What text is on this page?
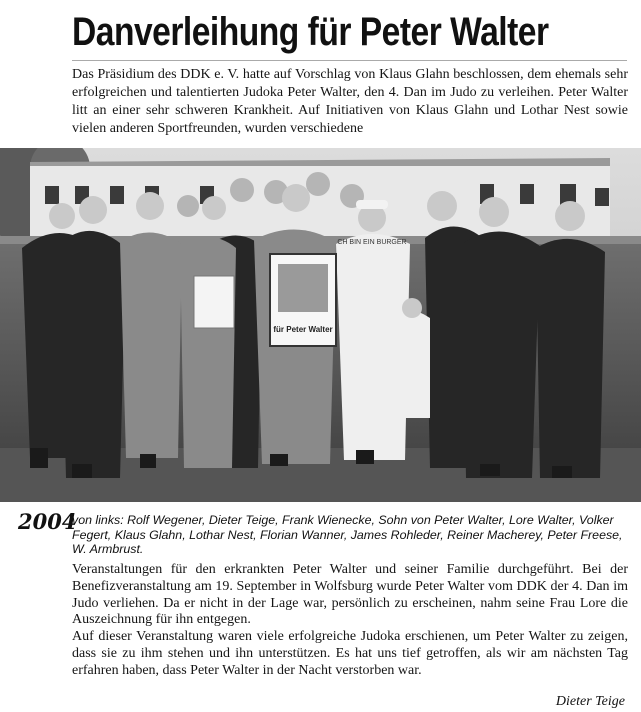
Danverleihung für Peter Walter
Das Präsidium des DDK e. V. hatte auf Vorschlag von Klaus Glahn beschlossen, dem ehemals sehr erfolgreichen und talentierten Judoka Peter Walter, den 4. Dan im Judo zu verleihen. Peter Walter litt an einer sehr schweren Krankheit. Auf Initiativen von Klaus Glahn und Lothar Nest sowie vielen anderen Sportfreunden, wurden verschiedene
für Peter Walter
CH BIN EIN BURGER
2004
von links: Rolf Wegener, Dieter Teige, Frank Wienecke, Sohn von Peter Walter, Lore Walter, Volker Fegert, Klaus Glahn, Lothar Nest, Florian Wanner, James Rohleder, Reiner Macherey, Peter Freese, W. Armbrust.

Veranstaltungen für den erkrankten Peter Walter und seiner Familie durchgeführt. Bei der Benefizveranstaltung am 19. September in Wolfsburg wurde Peter Walter vom DDK der 4. Dan im Judo verliehen. Da er nicht in der Lage war, persönlich zu erscheinen, nahm seine Frau Lore die Auszeichnung für ihn entgegen.

Auf dieser Veranstaltung waren viele erfolgreiche Judoka erschienen, um Peter Walter zu zeigen, dass sie zu ihm stehen und ihn unterstützen. Es hat uns tief getroffen, als wir am nächsten Tag erfahren haben, dass Peter Walter in der Nacht verstorben war.

Dieter Teige
